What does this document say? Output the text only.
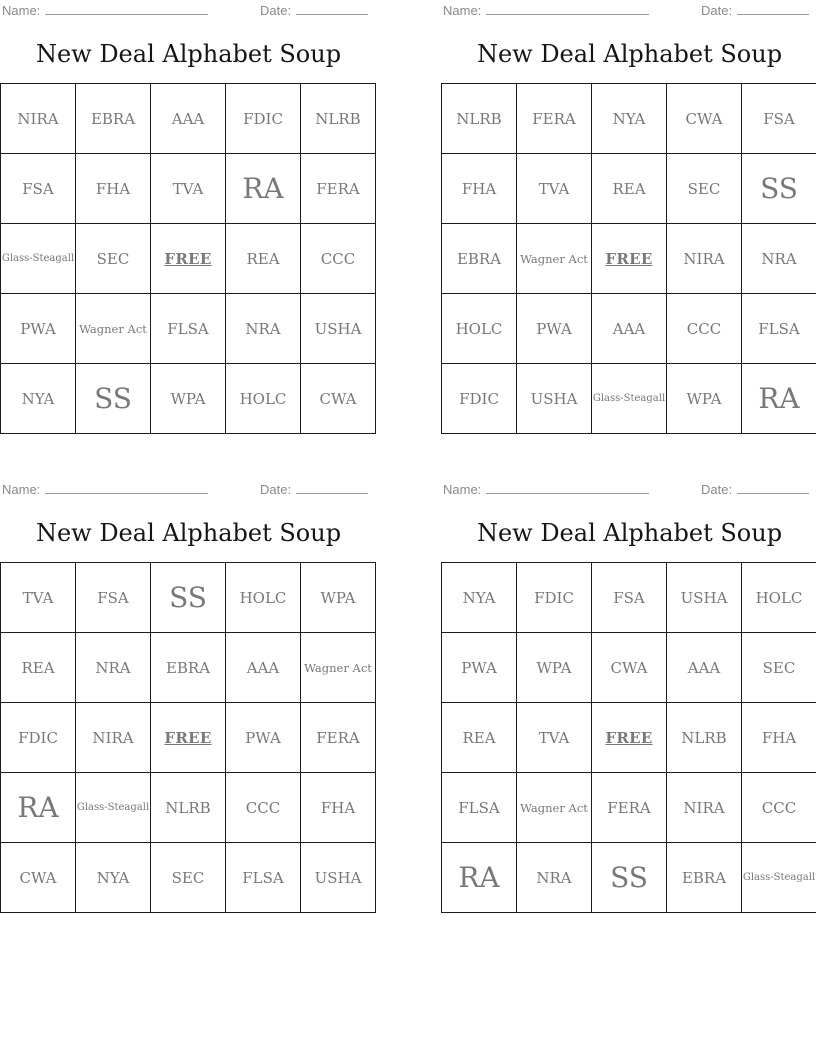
Name:	Date:
New Deal Alphabet Soup
NIRA	EBRA	AAA	FDIC	NLRB
FSA	FHA	TVA	RA	FERA
Glass-Steagall	SEC	FREE	REA	CCC
PWA	Wagner Act	FLSA	NRA	USHA
NYA	SS	WPA	HOLC	CWA
Name:	Date:
New Deal Alphabet Soup
NLRB	FERA	NYA	CWA	FSA
FHA	TVA	REA	SEC	SS
EBRA	Wagner Act	FREE	NIRA	NRA
HOLC	PWA	AAA	CCC	FLSA
FDIC	USHA	Glass-Steagall	WPA	RA
Name:	Date:
New Deal Alphabet Soup
TVA	FSA	SS	HOLC	WPA
REA	NRA	EBRA	AAA	Wagner Act
FDIC	NIRA	FREE	PWA	FERA
RA	Glass-Steagall	NLRB	CCC	FHA
CWA	NYA	SEC	FLSA	USHA
Name:	Date:
New Deal Alphabet Soup
NYA	FDIC	FSA	USHA	HOLC
PWA	WPA	CWA	AAA	SEC
REA	TVA	FREE	NLRB	FHA
FLSA	Wagner Act	FERA	NIRA	CCC
RA	NRA	SS	EBRA	Glass-Steagall
